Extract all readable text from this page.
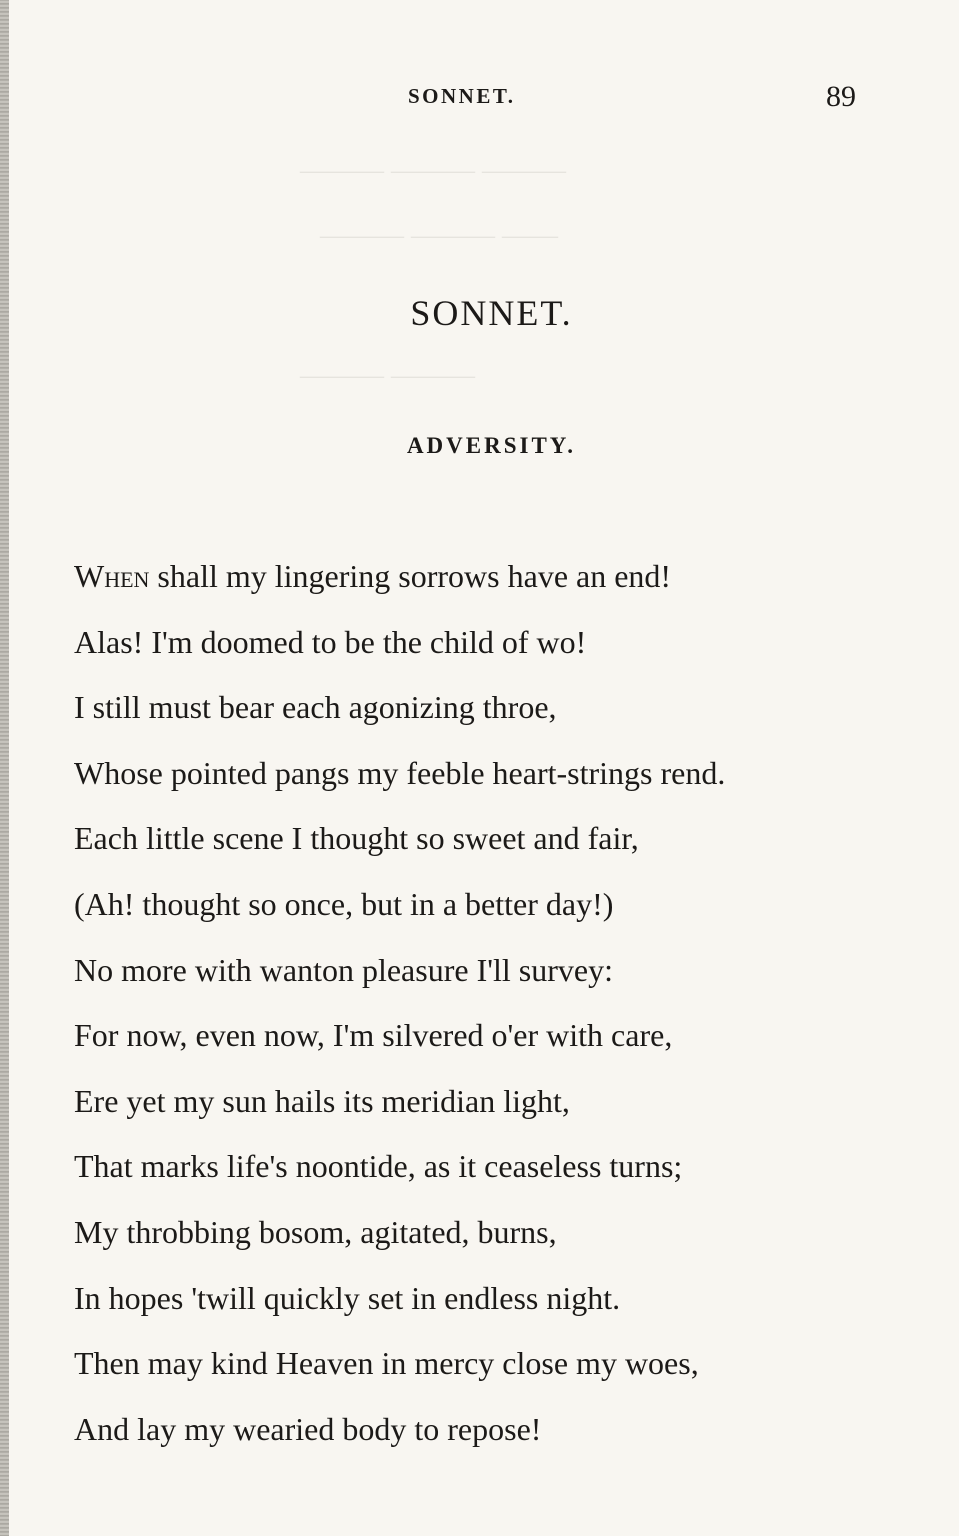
——— ——— ———
——— ——— ——
——— ———
SONNET.	89
SONNET.
ADVERSITY.
When shall my lingering sorrows have an end!
Alas! I'm doomed to be the child of wo!
I still must bear each agonizing throe,
Whose pointed pangs my feeble heart-strings rend.
Each little scene I thought so sweet and fair,
(Ah! thought so once, but in a better day!)
No more with wanton pleasure I'll survey:
For now, even now, I'm silvered o'er with care,
Ere yet my sun hails its meridian light,
That marks life's noontide, as it ceaseless turns;
My throbbing bosom, agitated, burns,
In hopes 'twill quickly set in endless night.
Then may kind Heaven in mercy close my woes,
And lay my wearied body to repose!
